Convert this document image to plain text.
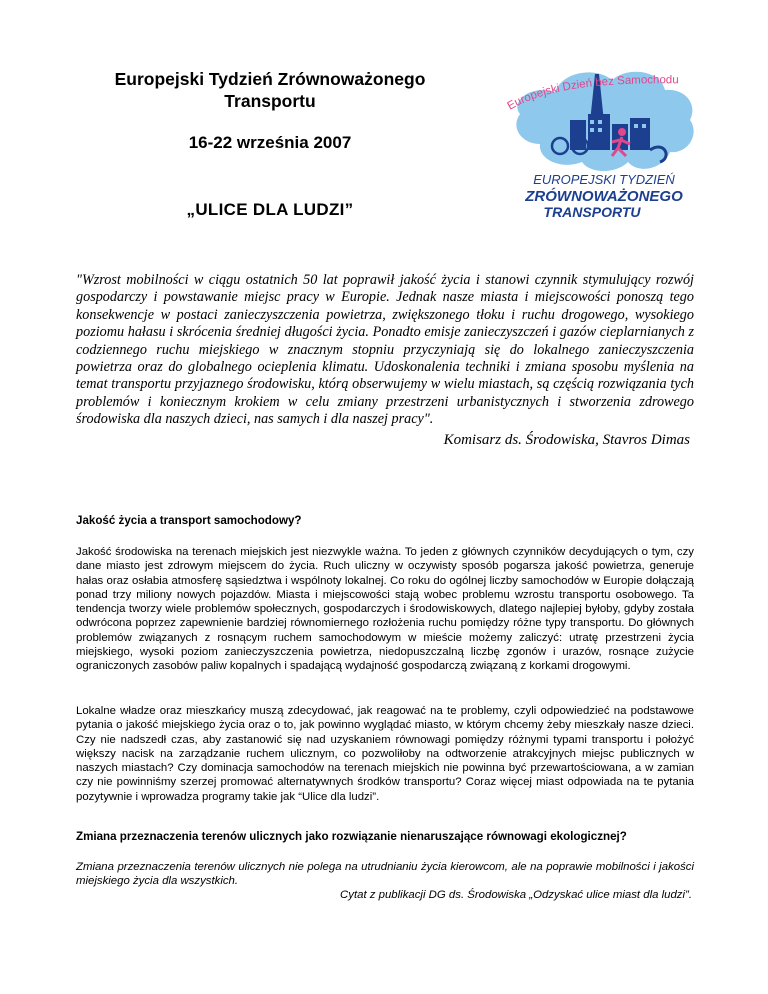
Europejski Tydzień Zrównoważonego
Transportu
16-22 września 2007
„ULICE DLA LUDZI”
Europejski Dzień bez Samochodu
EUROPEJSKI TYDZIEŃ
ZRÓWNOWAŻONEGO
TRANSPORTU

"Wzrost mobilności w ciągu ostatnich 50 lat poprawił jakość życia i stanowi czynnik stymulujący rozwój gospodarczy i powstawanie miejsc pracy w Europie. Jednak nasze miasta i miejscowości ponoszą tego konsekwencje w postaci zanieczyszczenia powietrza, zwiększonego tłoku i ruchu drogowego, wysokiego poziomu hałasu i skrócenia średniej długości życia. Ponadto emisje zanieczyszczeń i gazów cieplarnianych z codziennego ruchu miejskiego w znacznym stopniu przyczyniają się do lokalnego zanieczyszczenia powietrza oraz do globalnego ocieplenia klimatu. Udoskonalenia techniki i zmiana sposobu myślenia na temat transportu przyjaznego środowisku, którą obserwujemy w wielu miastach, są częścią rozwiązania tych problemów i koniecznym krokiem w celu zmiany przestrzeni urbanistycznych i stworzenia zdrowego środowiska dla naszych dzieci, nas samych i dla naszej pracy".

Komisarz ds. Środowiska, Stavros Dimas
Jakość życia a transport samochodowy?

Jakość środowiska na terenach miejskich jest niezwykle ważna. To jeden z głównych czynników decydujących o tym, czy dane miasto jest zdrowym miejscem do życia. Ruch uliczny w oczywisty sposób pogarsza jakość powietrza, generuje hałas oraz osłabia atmosferę sąsiedztwa i wspólnoty lokalnej. Co roku do ogólnej liczby samochodów w Europie dołączają ponad trzy miliony nowych pojazdów. Miasta i miejscowości stają wobec problemu wzrostu transportu osobowego. Ta tendencja tworzy wiele problemów społecznych, gospodarczych i środowiskowych, dlatego najlepiej byłoby, gdyby została odwrócona poprzez zapewnienie bardziej równomiernego rozłożenia ruchu pomiędzy różne typy transportu. Do głównych problemów związanych z rosnącym ruchem samochodowym w mieście możemy zaliczyć: utratę przestrzeni życia miejskiego, wysoki poziom zanieczyszczenia powietrza, niedopuszczalną liczbę zgonów i urazów, rosnące zużycie ograniczonych zasobów paliw kopalnych i spadającą wydajność gospodarczą związaną z korkami drogowymi.

Lokalne władze oraz mieszkańcy muszą zdecydować, jak reagować na te problemy, czyli odpowiedzieć na podstawowe pytania o jakość miejskiego życia oraz o to, jak powinno wyglądać miasto, w którym chcemy żeby mieszkały nasze dzieci. Czy nie nadszedł czas, aby zastanowić się nad uzyskaniem równowagi pomiędzy różnymi typami transportu i położyć większy nacisk na zarządzanie ruchem ulicznym, co pozwoliłoby na odtworzenie atrakcyjnych miejsc publicznych w naszych miastach? Czy dominacja samochodów na terenach miejskich nie powinna być przewartościowana, a w zamian czy nie powinniśmy szerzej promować alternatywnych środków transportu? Coraz więcej miast odpowiada na te pytania pozytywnie i wprowadza programy takie jak “Ulice dla ludzi”.

Zmiana przeznaczenia terenów ulicznych jako rozwiązanie nienaruszające równowagi ekologicznej?

Zmiana przeznaczenia terenów ulicznych nie polega na utrudnianiu życia kierowcom, ale na poprawie mobilności i jakości miejskiego życia dla wszystkich.

Cytat z publikacji DG ds. Środowiska „Odzyskać ulice miast dla ludzi”.
